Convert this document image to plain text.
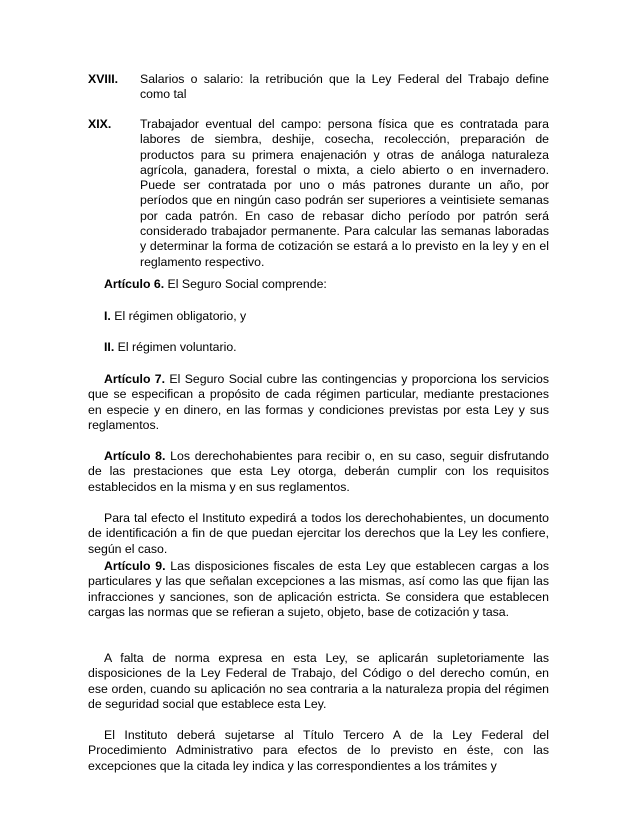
XVIII. Salarios o salario: la retribución que la Ley Federal del Trabajo define como tal
XIX. Trabajador eventual del campo: persona física que es contratada para labores de siembra, deshije, cosecha, recolección, preparación de productos para su primera enajenación y otras de análoga naturaleza agrícola, ganadera, forestal o mixta, a cielo abierto o en invernadero. Puede ser contratada por uno o más patrones durante un año, por períodos que en ningún caso podrán ser superiores a veintisiete semanas por cada patrón. En caso de rebasar dicho período por patrón será considerado trabajador permanente. Para calcular las semanas laboradas y determinar la forma de cotización se estará a lo previsto en la ley y en el reglamento respectivo.
Artículo 6. El Seguro Social comprende:
I. El régimen obligatorio, y
II. El régimen voluntario.
Artículo 7. El Seguro Social cubre las contingencias y proporciona los servicios que se especifican a propósito de cada régimen particular, mediante prestaciones en especie y en dinero, en las formas y condiciones previstas por esta Ley y sus reglamentos.
Artículo 8. Los derechohabientes para recibir o, en su caso, seguir disfrutando de las prestaciones que esta Ley otorga, deberán cumplir con los requisitos establecidos en la misma y en sus reglamentos.
Para tal efecto el Instituto expedirá a todos los derechohabientes, un documento de identificación a fin de que puedan ejercitar los derechos que la Ley les confiere, según el caso.
Artículo 9. Las disposiciones fiscales de esta Ley que establecen cargas a los particulares y las que señalan excepciones a las mismas, así como las que fijan las infracciones y sanciones, son de aplicación estricta. Se considera que establecen cargas las normas que se refieran a sujeto, objeto, base de cotización y tasa.
A falta de norma expresa en esta Ley, se aplicarán supletoriamente las disposiciones de la Ley Federal de Trabajo, del Código o del derecho común, en ese orden, cuando su aplicación no sea contraria a la naturaleza propia del régimen de seguridad social que establece esta Ley.
El Instituto deberá sujetarse al Título Tercero A de la Ley Federal del Procedimiento Administrativo para efectos de lo previsto en éste, con las excepciones que la citada ley indica y las correspondientes a los trámites y
